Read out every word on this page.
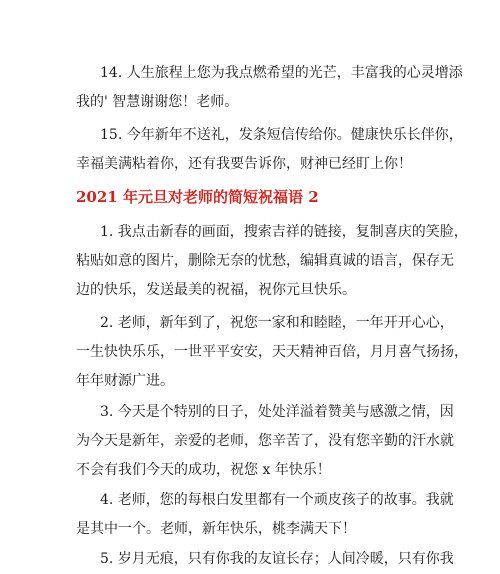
14. 人生旅程上您为我点燃希望的光芒，丰富我的心灵增添
我的' 智慧谢谢您！老师。

15. 今年新年不送礼，发条短信传给你。健康快乐长伴你，
幸福美满粘着你，还有我要告诉你，财神已经盯上你！

2021 年元旦对老师的简短祝福语 2

1. 我点击新春的画面，搜索吉祥的链接，复制喜庆的笑脸，
粘贴如意的图片，删除无奈的忧愁，编辑真诚的语言，保存无
边的快乐，发送最美的祝福，祝你元旦快乐。

2. 老师，新年到了，祝您一家和和睦睦，一年开开心心，
一生快快乐乐，一世平平安安，天天精神百倍，月月喜气扬扬，
年年财源广进。

3. 今天是个特别的日子，处处洋溢着赞美与感激之情，因
为今天是新年，亲爱的老师，您辛苦了，没有您辛勤的汗水就
不会有我们今天的成功，祝您 x 年快乐！

4. 老师，您的每根白发里都有一个顽皮孩子的故事。我就
是其中一个。老师，新年快乐，桃李满天下！

5. 岁月无痕，只有你我的友谊长存；人间冷暖，只有你我
